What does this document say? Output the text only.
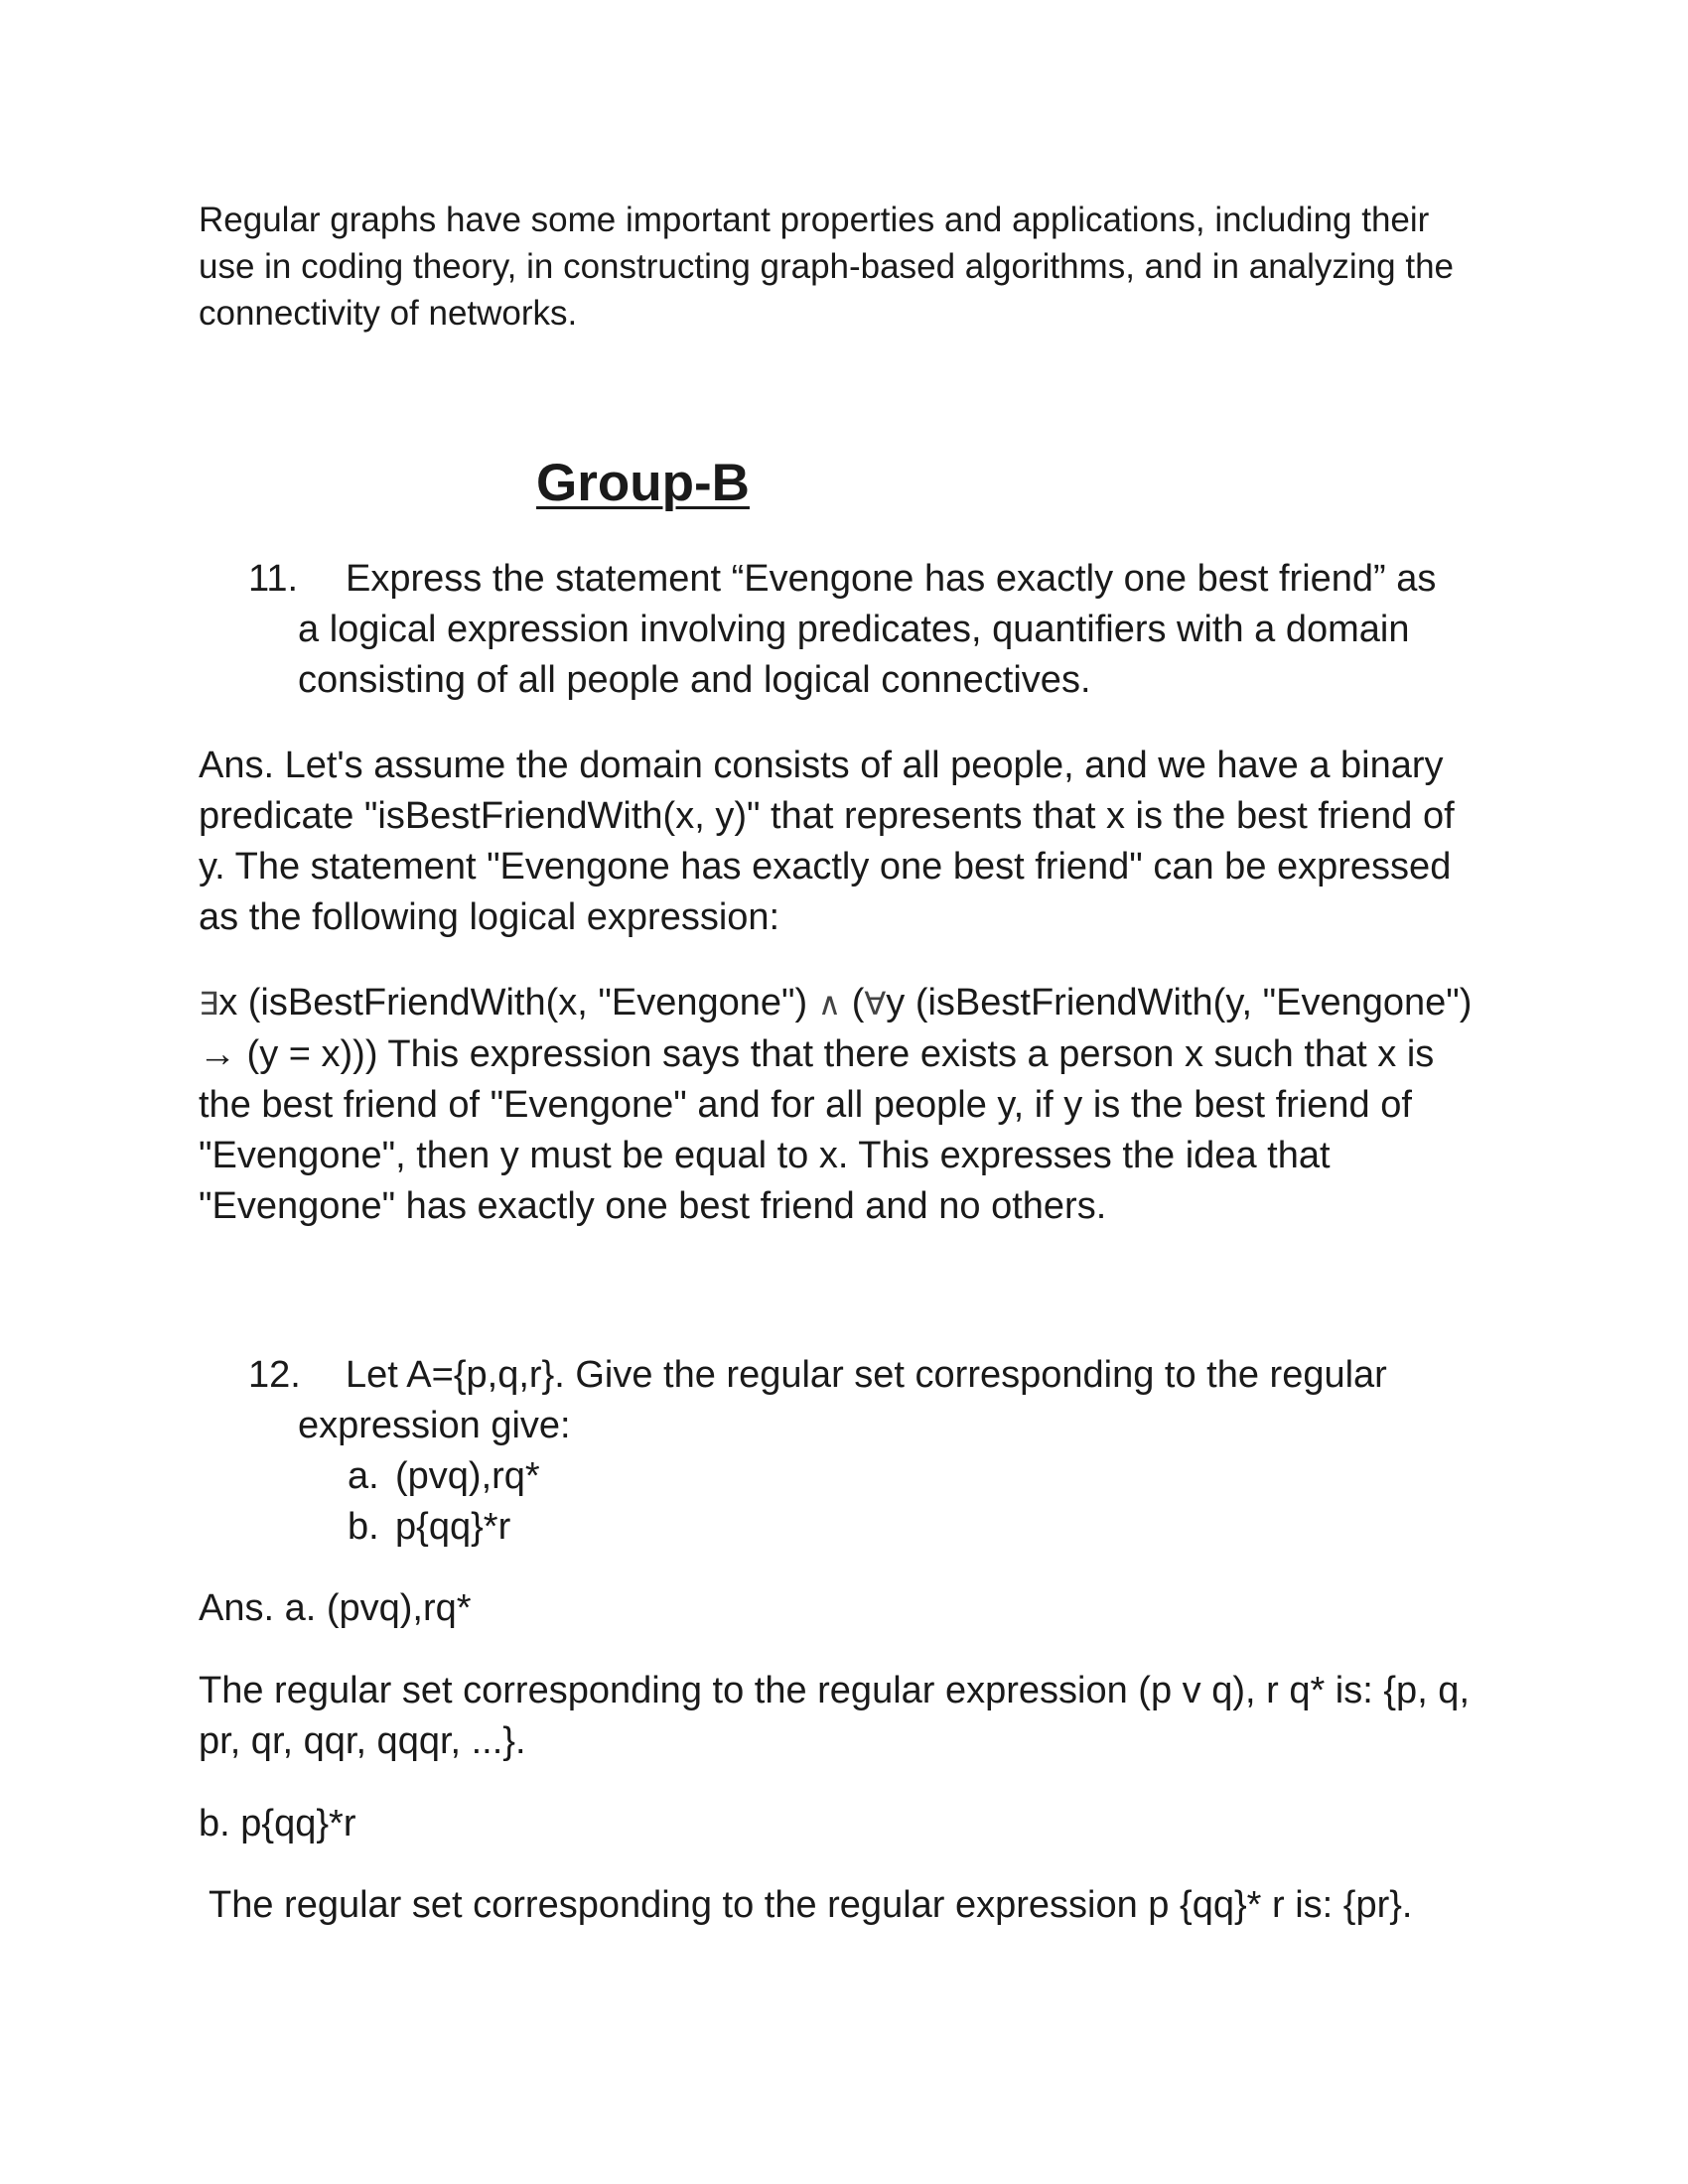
Regular graphs have some important properties and applications, including their use in coding theory, in constructing graph-based algorithms, and in analyzing the connectivity of networks.

Group-B
11. Express the statement “Evengone has exactly one best friend” as
a logical expression involving predicates, quantifiers with a domain consisting of all people and logical connectives.

Ans. Let's assume the domain consists of all people, and we have a binary predicate "isBestFriendWith(x, y)" that represents that x is the best friend of y. The statement "Evengone has exactly one best friend" can be expressed as the following logical expression:

∃x (isBestFriendWith(x, "Evengone") ∧ (∀y (isBestFriendWith(y, "Evengone") → (y = x))) This expression says that there exists a person x such that x is the best friend of "Evengone" and for all people y, if y is the best friend of "Evengone", then y must be equal to x. This expresses the idea that "Evengone" has exactly one best friend and no others.

12. Let A={p,q,r}. Give the regular set corresponding to the regular
expression give:
a. (pvq),rq*
b. p{qq}*r

Ans. a. (pvq),rq*

The regular set corresponding to the regular expression (p v q), r q* is: {p, q, pr, qr, qqr, qqqr, ...}.

b. p{qq}*r

The regular set corresponding to the regular expression p {qq}* r is: {pr}.
